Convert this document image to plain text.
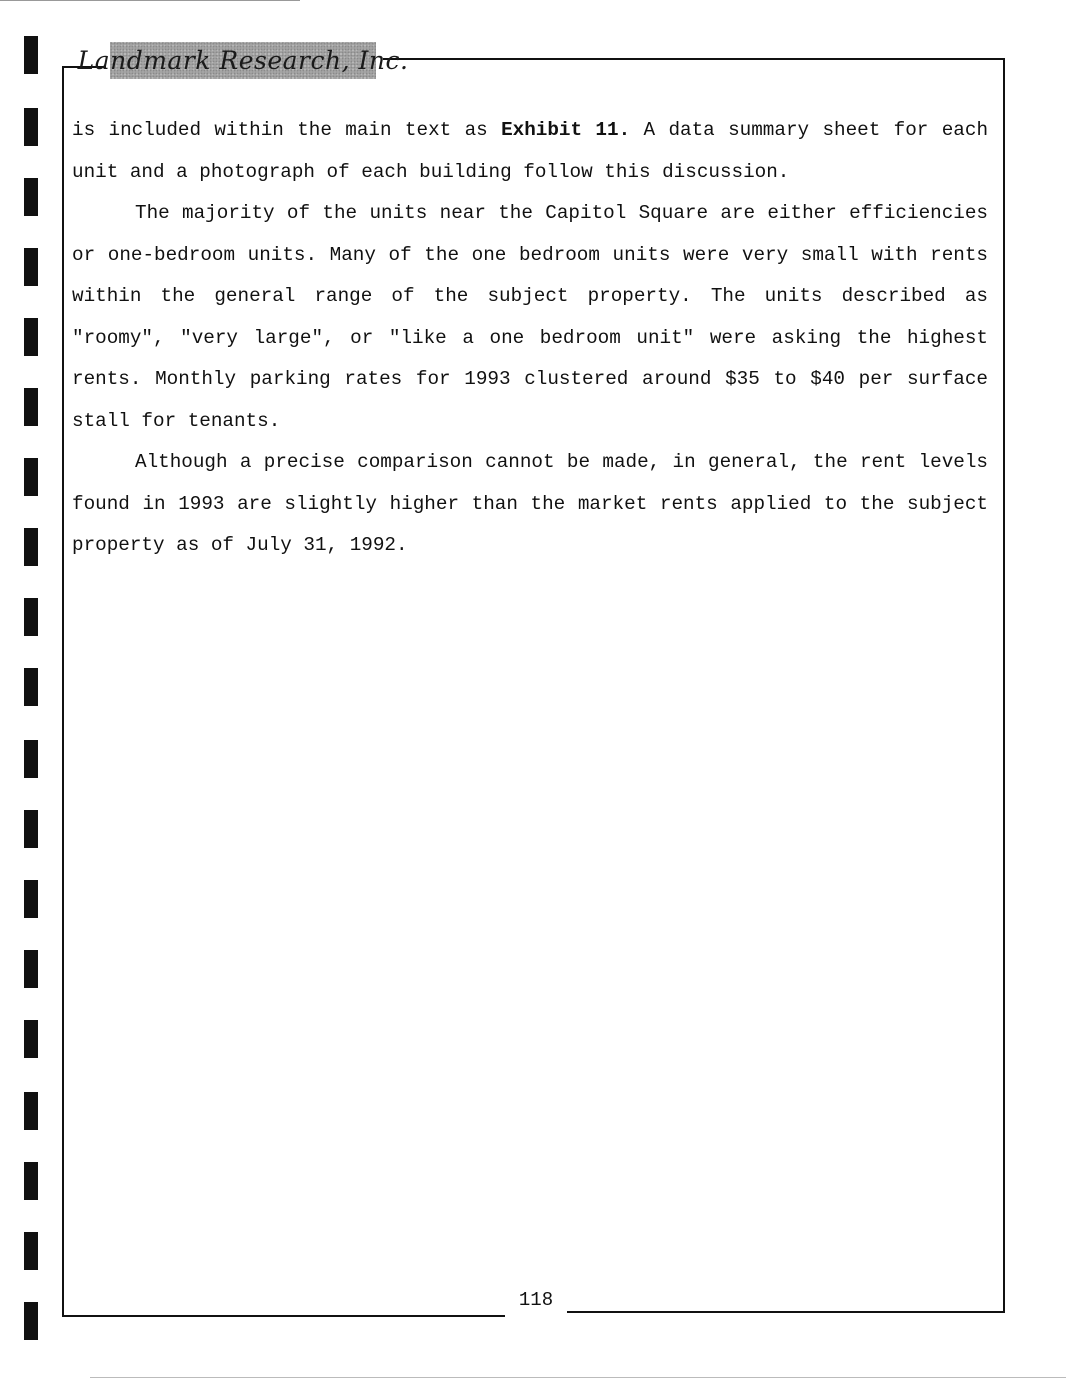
Landmark Research, Inc.

is included within the main text as Exhibit 11. A data summary sheet for each unit and a photograph of each building follow this discussion.

The majority of the units near the Capitol Square are either efficiencies or one-bedroom units. Many of the one bedroom units were very small with rents within the general range of the subject property. The units described as "roomy", "very large", or "like a one bedroom unit" were asking the highest rents. Monthly parking rates for 1993 clustered around $35 to $40 per surface stall for tenants.

Although a precise comparison cannot be made, in general, the rent levels found in 1993 are slightly higher than the market rents applied to the subject property as of July 31, 1992.

118
